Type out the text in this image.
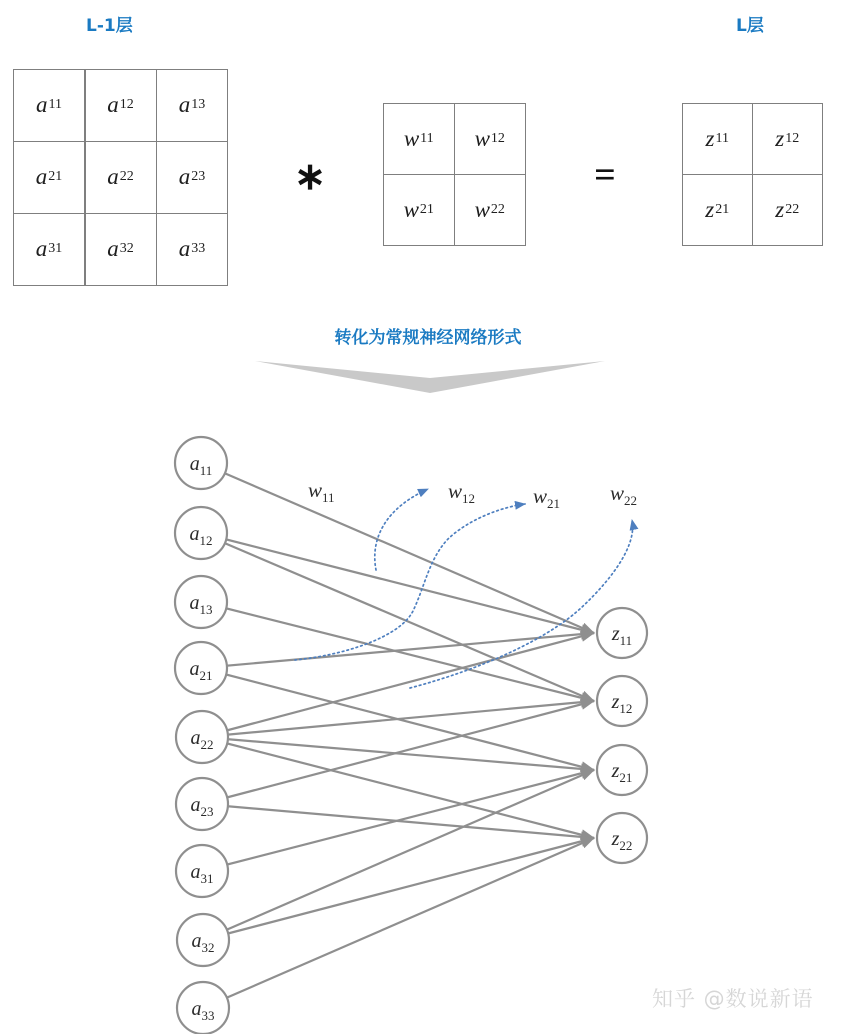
L-1层	L层
a 11 a 12 a 13
a 21 a 22 a 23
a 31 a 32 a 33
∗
w 11 w 12
w 21 w 22
=
z 11 z 12
z 21 z 22
转化为常规神经网络形式
$a_{11}$
$a_{12}$
$a_{13}$
$a_{21}$
$a_{22}$
$a_{23}$
$a_{31}$
$a_{32}$
$a_{33}$
$z_{11}$
$z_{12}$
$z_{21}$
$z_{22}$
$w_{11}$	$w_{12}$	$w_{21}$ $w_{22}$
知乎 @数说新语
